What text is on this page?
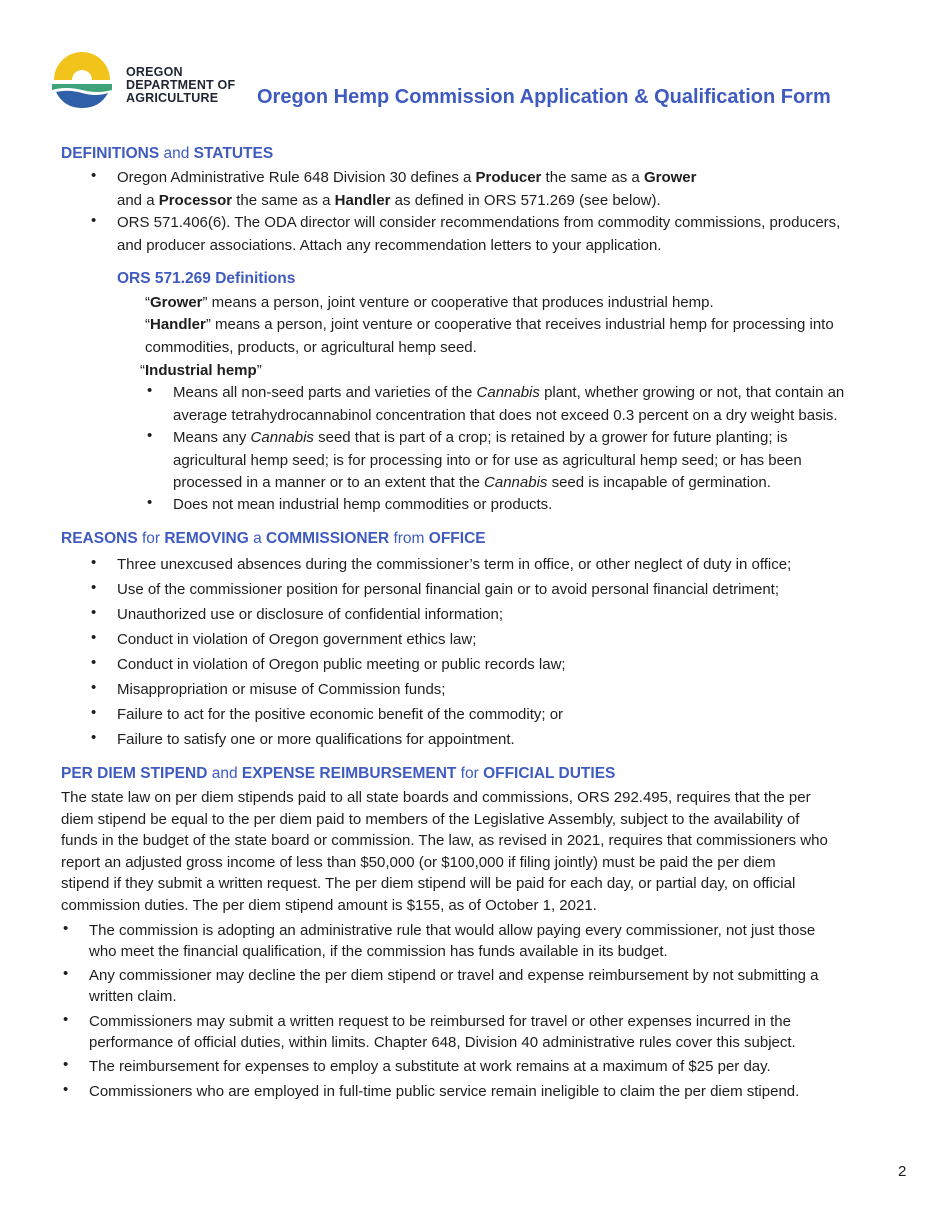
OREGON
DEPARTMENT OF
AGRICULTURE	Oregon Hemp Commission Application & Qualification Form
DEFINITIONS and STATUTES
• Oregon Administrative Rule 648 Division 30 defines a Producer the same as a Grower
and a Processor the same as a Handler as defined in ORS 571.269 (see below).
• ORS 571.406(6). The ODA director will consider recommendations from commodity commissions, producers,
and producer associations. Attach any recommendation letters to your application.
ORS 571.269 Definitions
“Grower” means a person, joint venture or cooperative that produces industrial hemp.
“Handler” means a person, joint venture or cooperative that receives industrial hemp for processing into
commodities, products, or agricultural hemp seed.
“Industrial hemp”
• Means all non-seed parts and varieties of the Cannabis plant, whether growing or not, that contain an
average tetrahydrocannabinol concentration that does not exceed 0.3 percent on a dry weight basis.
• Means any Cannabis seed that is part of a crop; is retained by a grower for future planting; is
agricultural hemp seed; is for processing into or for use as agricultural hemp seed; or has been
processed in a manner or to an extent that the Cannabis seed is incapable of germination.
• Does not mean industrial hemp commodities or products.
REASONS for REMOVING a COMMISSIONER from OFFICE
• Three unexcused absences during the commissioner’s term in office, or other neglect of duty in office;
• Use of the commissioner position for personal financial gain or to avoid personal financial detriment;
• Unauthorized use or disclosure of confidential information;
• Conduct in violation of Oregon government ethics law;
• Conduct in violation of Oregon public meeting or public records law;
• Misappropriation or misuse of Commission funds;
• Failure to act for the positive economic benefit of the commodity; or
• Failure to satisfy one or more qualifications for appointment.
PER DIEM STIPEND and EXPENSE REIMBURSEMENT for OFFICIAL DUTIES
The state law on per diem stipends paid to all state boards and commissions, ORS 292.495, requires that the per
diem stipend be equal to the per diem paid to members of the Legislative Assembly, subject to the availability of
funds in the budget of the state board or commission. The law, as revised in 2021, requires that commissioners who
report an adjusted gross income of less than $50,000 (or $100,000 if filing jointly) must be paid the per diem
stipend if they submit a written request. The per diem stipend will be paid for each day, or partial day, on official
commission duties. The per diem stipend amount is $155, as of October 1, 2021.
• The commission is adopting an administrative rule that would allow paying every commissioner, not just those
who meet the financial qualification, if the commission has funds available in its budget.
• Any commissioner may decline the per diem stipend or travel and expense reimbursement by not submitting a
written claim.
• Commissioners may submit a written request to be reimbursed for travel or other expenses incurred in the
performance of official duties, within limits. Chapter 648, Division 40 administrative rules cover this subject.
• The reimbursement for expenses to employ a substitute at work remains at a maximum of $25 per day.
• Commissioners who are employed in full-time public service remain ineligible to claim the per diem stipend.
2
